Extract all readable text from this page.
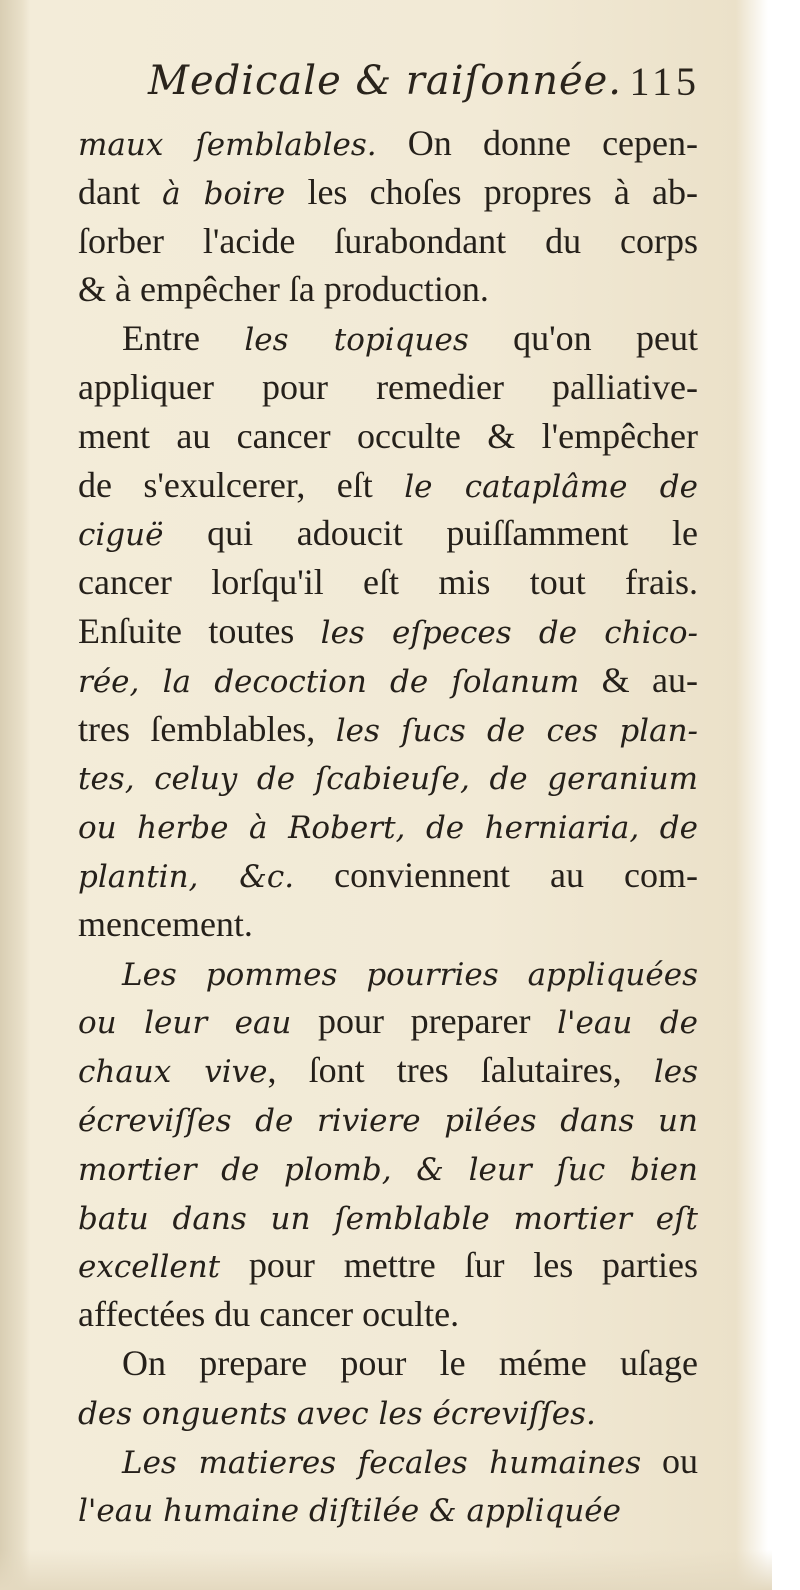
Medicale & raiſonnée. 115
maux ſemblables. On donne cepen-
dant à boire les choſes propres à ab-
ſorber l'acide ſurabondant du corps
& à empêcher ſa production.
Entre les topiques qu'on peut
appliquer pour remedier palliative-
ment au cancer occulte & l'empêcher
de s'exulcerer, eſt le cataplâme de
ciguë qui adoucit puiſſamment le
cancer lorſqu'il eſt mis tout frais.
Enſuite toutes les eſpeces de chico-
rée, la decoction de ſolanum & au-
tres ſemblables, les ſucs de ces plan-
tes, celuy de ſcabieuſe, de geranium
ou herbe à Robert, de herniaria, de
plantin, &c. conviennent au com-
mencement.
Les pommes pourries appliquées
ou leur eau pour preparer l'eau de
chaux vive, ſont tres ſalutaires, les
écreviſſes de riviere pilées dans un
mortier de plomb, & leur ſuc bien
batu dans un ſemblable mortier eſt
excellent pour mettre ſur les parties
affectées du cancer oculte.
On prepare pour le méme uſage
des onguents avec les écreviſſes.
Les matieres fecales humaines ou
l'eau humaine diſtilée & appliquée
